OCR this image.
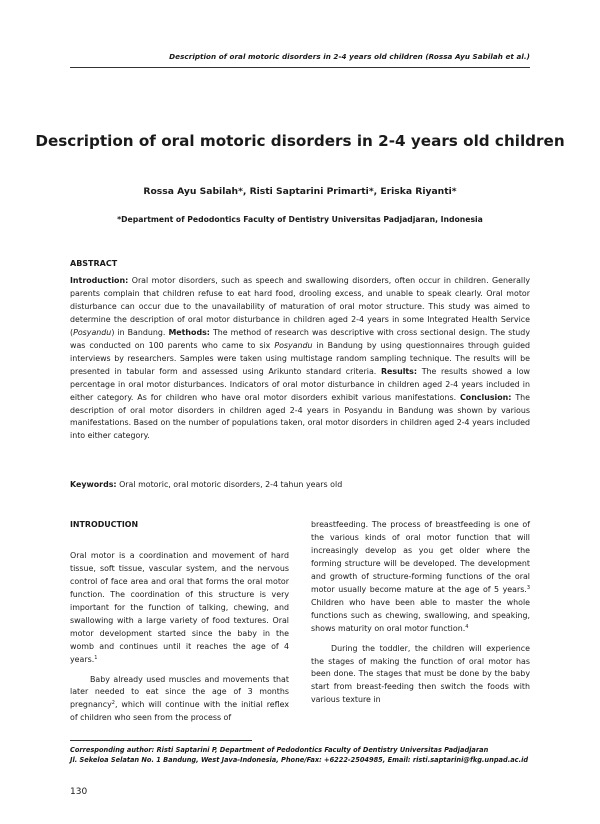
Description of oral motoric disorders in 2-4 years old children (Rossa Ayu Sabilah et al.)
Description of oral motoric disorders in 2-4 years old children
Rossa Ayu Sabilah*, Risti Saptarini Primarti*, Eriska Riyanti*
*Department of Pedodontics Faculty of Dentistry Universitas Padjadjaran, Indonesia
ABSTRACT

Introduction: Oral motor disorders, such as speech and swallowing disorders, often occur in children. Generally parents complain that children refuse to eat hard food, drooling excess, and unable to speak clearly. Oral motor disturbance can occur due to the unavailability of maturation of oral motor structure. This study was aimed to determine the description of oral motor disturbance in children aged 2-4 years in some Integrated Health Service (Posyandu) in Bandung. Methods: The method of research was descriptive with cross sectional design. The study was conducted on 100 parents who came to six Posyandu in Bandung by using questionnaires through guided interviews by researchers. Samples were taken using multistage random sampling technique. The results will be presented in tabular form and assessed using Arikunto standard criteria. Results: The results showed a low percentage in oral motor disturbances. Indicators of oral motor disturbance in children aged 2-4 years included in either category. As for children who have oral motor disorders exhibit various manifestations. Conclusion: The description of oral motor disorders in children aged 2-4 years in Posyandu in Bandung was shown by various manifestations. Based on the number of populations taken, oral motor disorders in children aged 2-4 years included into either category.

Keywords: Oral motoric, oral motoric disorders, 2-4 tahun years old

INTRODUCTION

Oral motor is a coordination and movement of hard tissue, soft tissue, vascular system, and the nervous control of face area and oral that forms the oral motor function. The coordination of this structure is very important for the function of talking, chewing, and swallowing with a large variety of food textures. Oral motor development started since the baby in the womb and continues until it reaches the age of 4 years.$^1$

Baby already used muscles and movements that later needed to eat since the age of 3 months pregnancy$^2$, which will continue with the initial reflex of children who seen from the process of

breastfeeding. The process of breastfeeding is one of the various kinds of oral motor function that will increasingly develop as you get older where the forming structure will be developed. The development and growth of structure-forming functions of the oral motor usually become mature at the age of 5 years.$^3$ Children who have been able to master the whole functions such as chewing, swallowing, and speaking, shows maturity on oral motor function.$^4$

During the toddler, the children will experience the stages of making the function of oral motor has been done. The stages that must be done by the baby start from breast-feeding then switch the foods with various texture in

Corresponding author: Risti Saptarini P, Department of Pedodontics Faculty of Dentistry Universitas Padjadjaran
Jl. Sekeloa Selatan No. 1 Bandung, West Java-Indonesia, Phone/Fax: +6222-2504985, Email: risti.saptarini@fkg.unpad.ac.id
130
